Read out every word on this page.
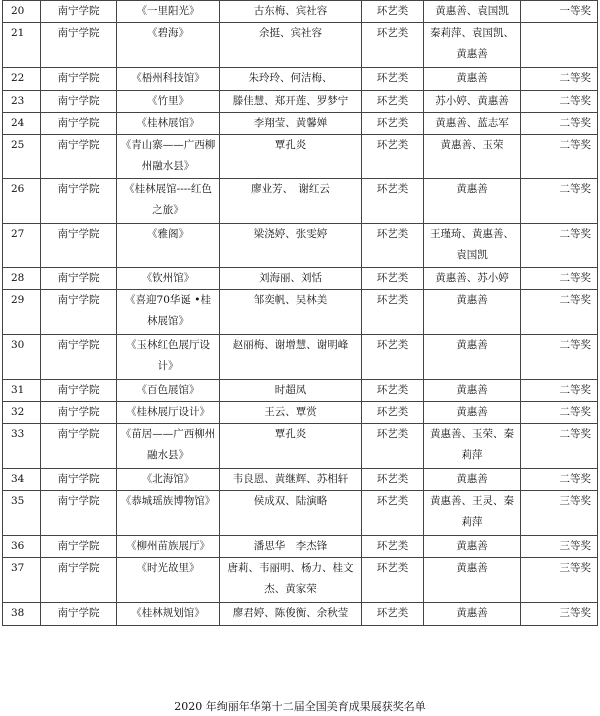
20	南宁学院	《一里阳光》	古东梅、宾社容	环艺类	黄惠善、袁国凯	一等奖
21	南宁学院	《碧海》	余挺、宾社容	环艺类	秦莉萍、袁国凯、黄惠善	
22	南宁学院	《梧州科技馆》	朱玲玲、何洁梅、	环艺类	黄惠善	二等奖
23	南宁学院	《竹里》	滕佳慧、郑开莲、罗梦宁	环艺类	苏小婷、黄惠善	二等奖
24	南宁学院	《桂林展馆》	李翔莹、黄馨婵	环艺类	黄惠善、蓝志军	二等奖
25	南宁学院	《青山寨——广西柳州融水县》	覃孔炎	环艺类	黄惠善、玉荣	二等奖
26	南宁学院	《桂林展馆----红色之旅》	廖业芳、　谢红云	环艺类	黄惠善	二等奖
27	南宁学院	《雅阁》	梁浇婷、张雯婷	环艺类	王瑾琦、黄惠善、袁国凯	二等奖
28	南宁学院	《钦州馆》	刘海丽、刘恬	环艺类	黄惠善、苏小婷	二等奖
29	南宁学院	《喜迎70华诞 •桂林展馆》	邹奕帆、吴林美	环艺类	黄惠善	二等奖
30	南宁学院	《玉林红色展厅设计》	赵丽梅、谢增慧、谢明峰	环艺类	黄惠善	二等奖
31	南宁学院	《百色展馆》	时超凤	环艺类	黄惠善	二等奖
32	南宁学院	《桂林展厅设计》	王云、覃赏	环艺类	黄惠善	二等奖
33	南宁学院	《苗居——广西柳州融水县》	覃孔炎	环艺类	黄惠善、玉荣、秦莉萍	二等奖
34	南宁学院	《北海馆》	韦良恩、黄继辉、苏相轩	环艺类	黄惠善	二等奖
35	南宁学院	《恭城瑶族博物馆》	侯成双、陆演略	环艺类	黄惠善、王灵、秦莉萍	三等奖
36	南宁学院	《柳州苗族展厅》	潘思华　李杰锋	环艺类	黄惠善	三等奖
37	南宁学院	《时光故里》	唐莉、韦丽明、杨力、桂文杰、黄家荣	环艺类	黄惠善	三等奖
38	南宁学院	《桂林规划馆》	廖君婷、陈俊衡、余秋莹	环艺类	黄惠善	三等奖
2020 年绚丽年华第十二届全国美育成果展获奖名单
